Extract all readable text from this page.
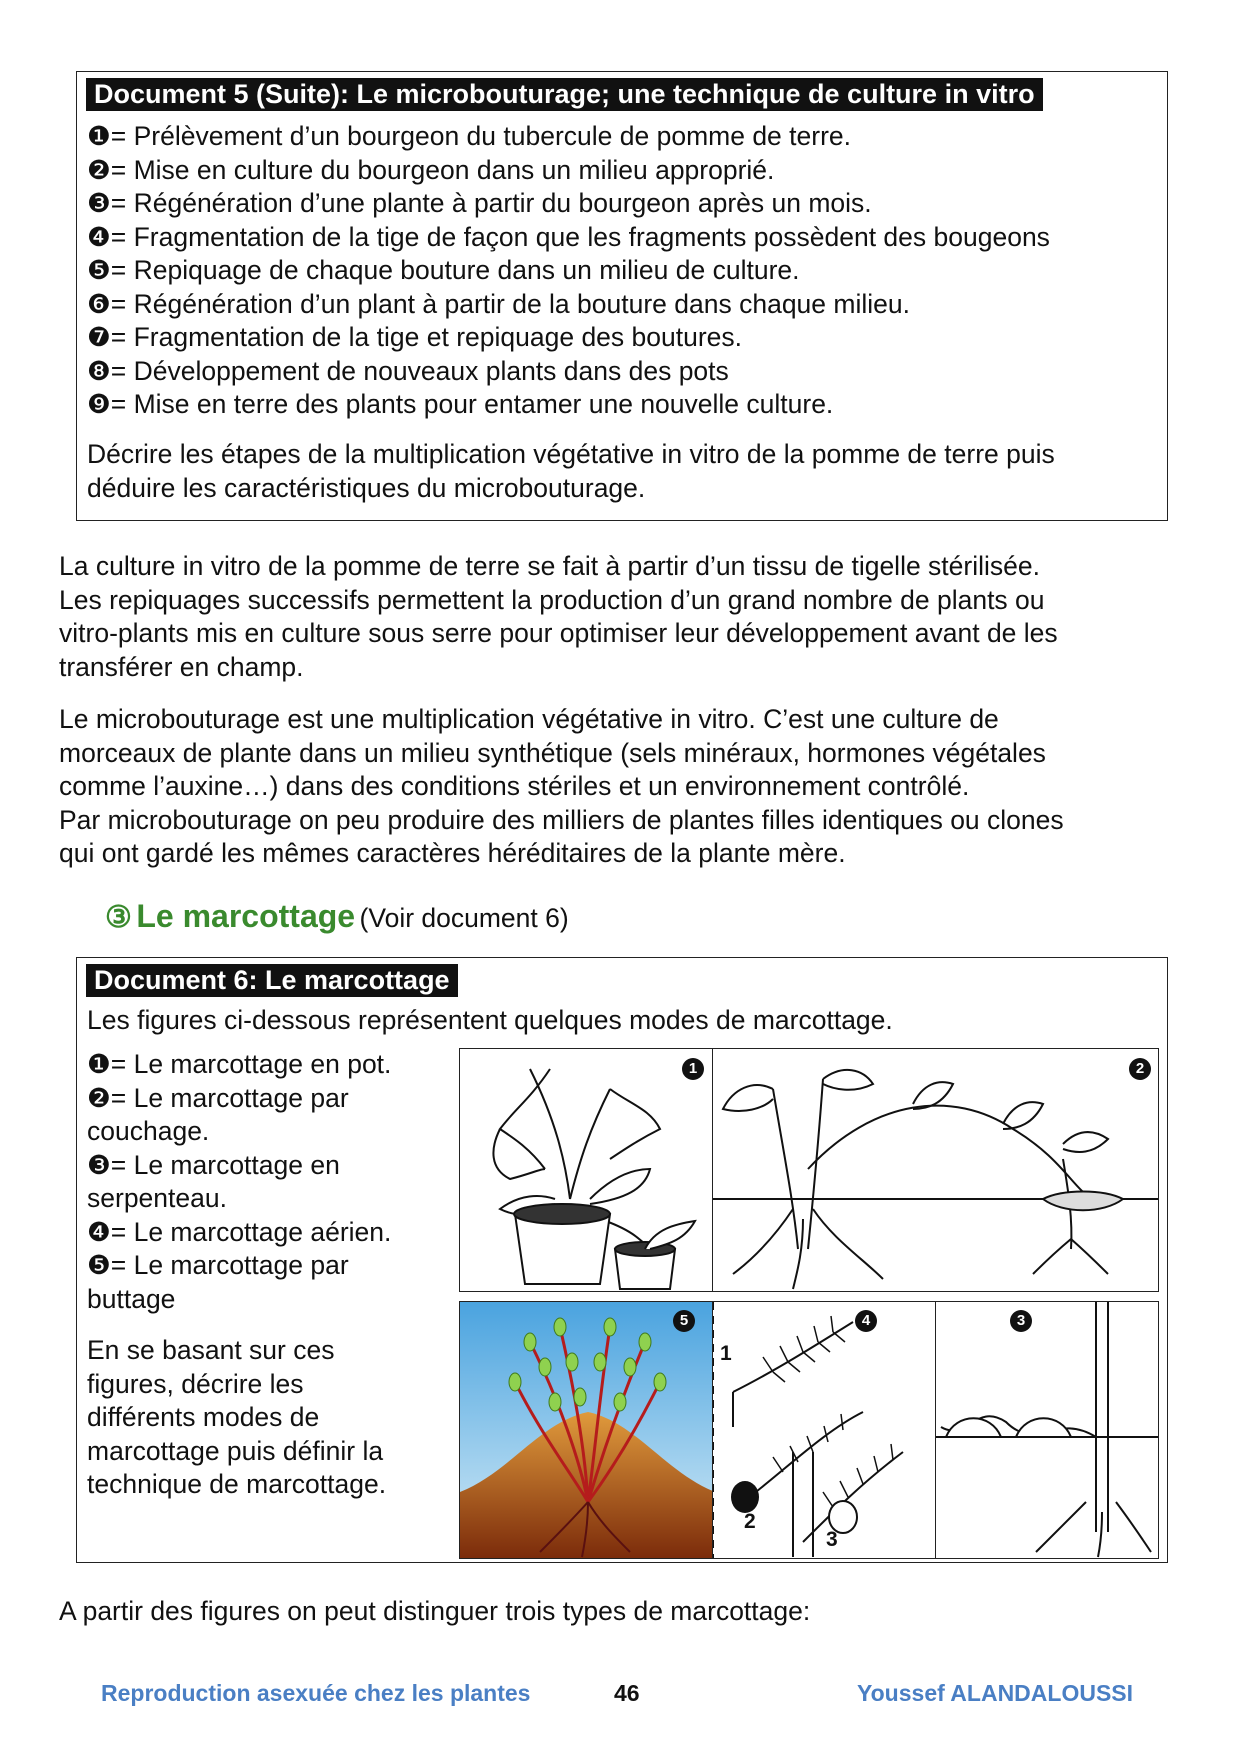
Document 5 (Suite): Le microbouturage; une technique de culture in vitro
❶= Prélèvement d’un bourgeon du tubercule de pomme de terre.
❷= Mise en culture du bourgeon dans un milieu approprié.
❸= Régénération d’une plante à partir du bourgeon après un mois.
❹= Fragmentation de la tige de façon que les fragments possèdent des bougeons
❺= Repiquage de chaque bouture dans un milieu de culture.
❻= Régénération d’un plant à partir de la bouture dans chaque milieu.
❼= Fragmentation de la tige et repiquage des boutures.
❽= Développement de nouveaux plants dans des pots
❾= Mise en terre des plants pour entamer une nouvelle culture.
Décrire les étapes de la multiplication végétative in vitro de la pomme de terre puis
déduire les caractéristiques du microbouturage.
La culture in vitro de la pomme de terre se fait à partir d’un tissu de tigelle stérilisée.
Les repiquages successifs permettent la production d’un grand nombre de plants ou
vitro-plants mis en culture sous serre pour optimiser leur développement avant de les
transférer en champ.
Le microbouturage est une multiplication végétative in vitro. C’est une culture de
morceaux de plante dans un milieu synthétique (sels minéraux, hormones végétales
comme l’auxine…) dans des conditions stériles et un environnement contrôlé.
Par microbouturage on peu produire des milliers de plantes filles identiques ou clones
qui ont gardé les mêmes caractères héréditaires de la plante mère.
③ Le marcottage (Voir document 6)
Document 6: Le marcottage
Les figures ci-dessous représentent quelques modes de marcottage.
❶= Le marcottage en pot.
❷= Le marcottage par
couchage.
❸= Le marcottage en
serpenteau.
❹= Le marcottage aérien.
❺= Le marcottage par
buttage
En se basant sur ces
figures, décrire les
différents modes de
marcottage puis définir la
technique de marcottage.
1	2
5	4
1
2
3
3
A partir des figures on peut distinguer trois types de marcottage:
Reproduction asexuée chez les plantes	46	Youssef ALANDALOUSSI
